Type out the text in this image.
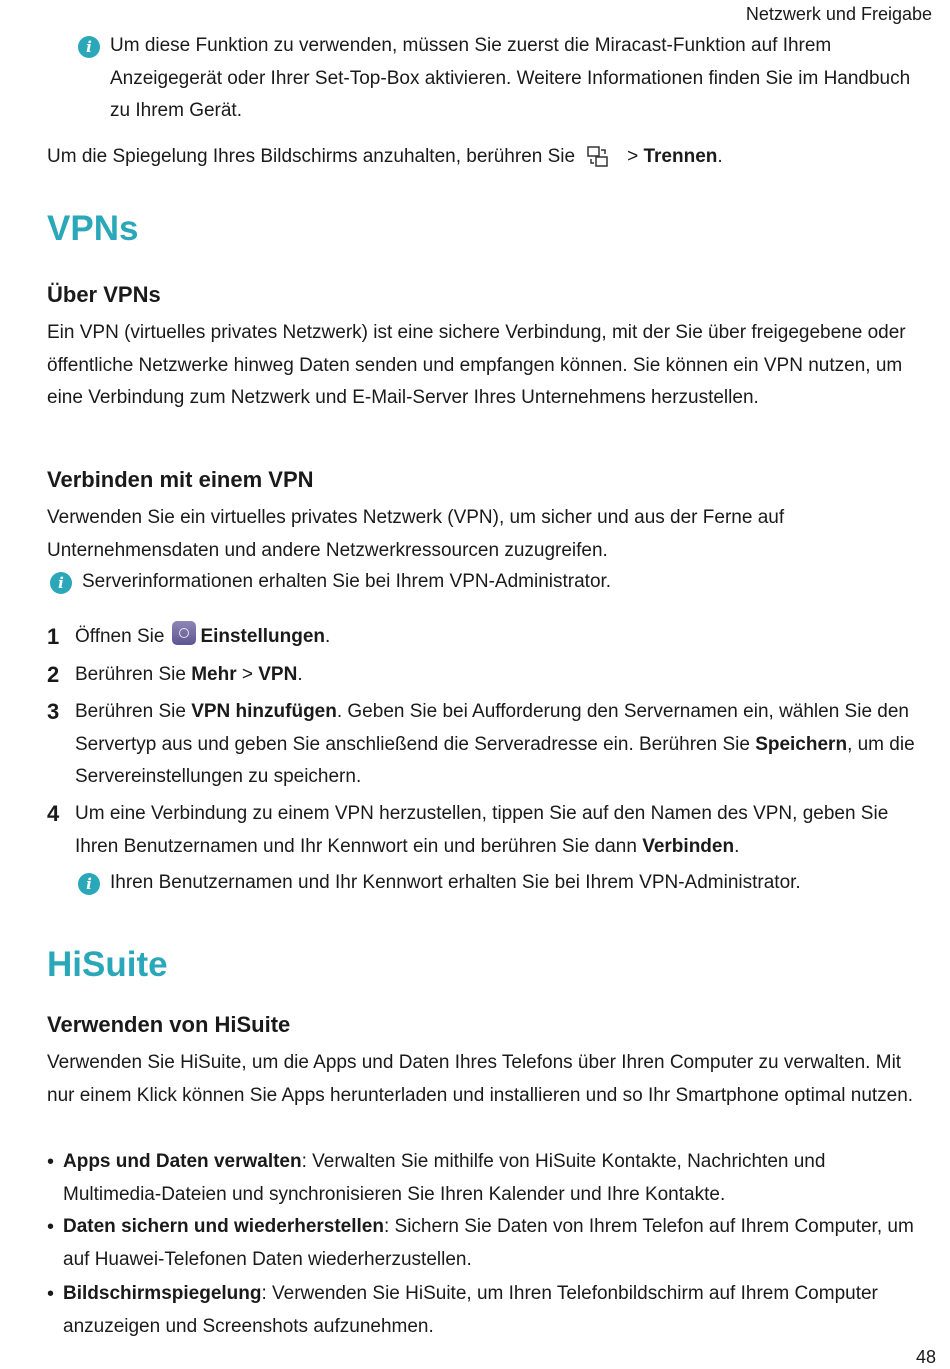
Netzwerk und Freigabe
i Um diese Funktion zu verwenden, müssen Sie zuerst die Miracast-Funktion auf Ihrem Anzeigegerät oder Ihrer Set-Top-Box aktivieren. Weitere Informationen finden Sie im Handbuch zu Ihrem Gerät.

Um die Spiegelung Ihres Bildschirms anzuhalten, berühren Sie	> Trennen.

VPNs
Über VPNs

Ein VPN (virtuelles privates Netzwerk) ist eine sichere Verbindung, mit der Sie über freigegebene oder öffentliche Netzwerke hinweg Daten senden und empfangen können. Sie können ein VPN nutzen, um eine Verbindung zum Netzwerk und E-Mail-Server Ihres Unternehmens herzustellen.

Verbinden mit einem VPN

Verwenden Sie ein virtuelles privates Netzwerk (VPN), um sicher und aus der Ferne auf Unternehmensdaten und andere Netzwerkressourcen zuzugreifen.

i Serverinformationen erhalten Sie bei Ihrem VPN-Administrator.
1 Öffnen Sie Einstellungen.
2 Berühren Sie Mehr > VPN.
3 Berühren Sie VPN hinzufügen. Geben Sie bei Aufforderung den Servernamen ein, wählen Sie den Servertyp aus und geben Sie anschließend die Serveradresse ein. Berühren Sie Speichern, um die Servereinstellungen zu speichern.
4 Um eine Verbindung zu einem VPN herzustellen, tippen Sie auf den Namen des VPN, geben Sie Ihren Benutzernamen und Ihr Kennwort ein und berühren Sie dann Verbinden.
i Ihren Benutzernamen und Ihr Kennwort erhalten Sie bei Ihrem VPN-Administrator.
HiSuite
Verwenden von HiSuite

Verwenden Sie HiSuite, um die Apps und Daten Ihres Telefons über Ihren Computer zu verwalten. Mit nur einem Klick können Sie Apps herunterladen und installieren und so Ihr Smartphone optimal nutzen.

• Apps und Daten verwalten: Verwalten Sie mithilfe von HiSuite Kontakte, Nachrichten und Multimedia-Dateien und synchronisieren Sie Ihren Kalender und Ihre Kontakte.
• Daten sichern und wiederherstellen: Sichern Sie Daten von Ihrem Telefon auf Ihrem Computer, um auf Huawei-Telefonen Daten wiederherzustellen.
• Bildschirmspiegelung: Verwenden Sie HiSuite, um Ihren Telefonbildschirm auf Ihrem Computer anzuzeigen und Screenshots aufzunehmen.
48
